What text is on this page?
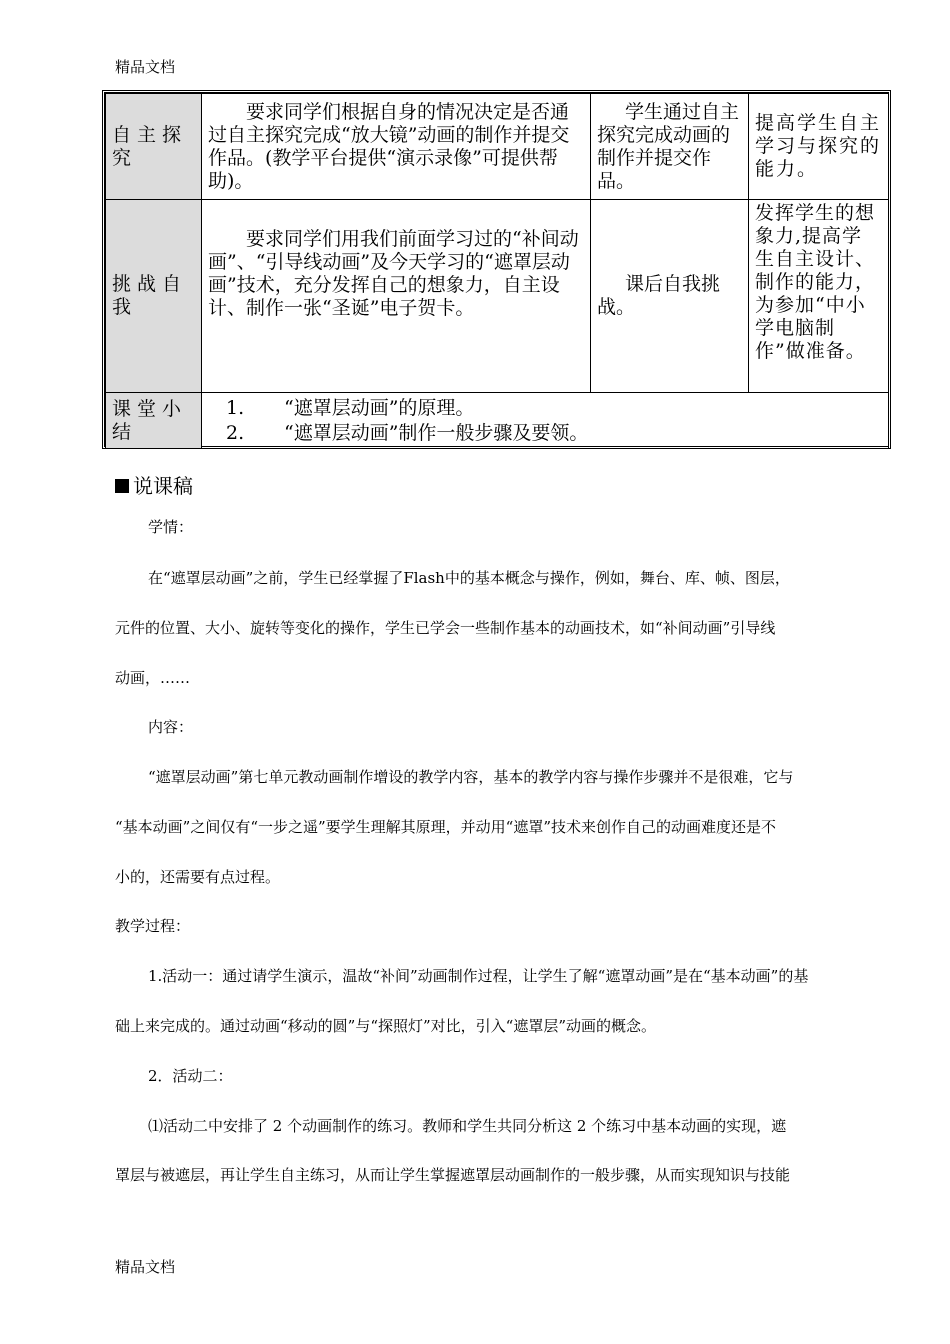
精品文档
自主探究	要求同学们根据自身的情况决定是否通过自主探究完成“放大镜”动画的制作并提交作品。(教学平台提供“演示录像”可提供帮助)。	学生通过自主探究完成动画的制作并提交作品。	提高学生自主学习与探究的能力。
挑战自我	要求同学们用我们前面学习过的“补间动画”、“引导线动画”及今天学习的“遮罩层动画”技术，充分发挥自己的想象力，自主设计、制作一张“圣诞”电子贺卡。	课后自我挑战。	发挥学生的想象力,提高学生自主设计、制作的能力，为参加“中小学电脑制作”做准备。
课堂小结	1. “遮罩层动画”的原理。
2. “遮罩层动画”制作一般步骤及要领。		
说课稿
学情：
在“遮罩层动画”之前，学生已经掌握了Flash中的基本概念与操作，例如，舞台、库、帧、图层，
元件的位置、大小、旋转等变化的操作，学生已学会一些制作基本的动画技术，如“补间动画”引导线
动画，……
内容：
“遮罩层动画”第七单元教动画制作增设的教学内容，基本的教学内容与操作步骤并不是很难，它与
“基本动画”之间仅有“一步之遥”要学生理解其原理，并动用“遮罩”技术来创作自己的动画难度还是不
小的，还需要有点过程。
教学过程：
1.活动一：通过请学生演示，温故“补间”动画制作过程，让学生了解“遮罩动画”是在“基本动画”的基
础上来完成的。通过动画“移动的圆”与“探照灯”对比，引入“遮罩层”动画的概念。
2．活动二：
⑴活动二中安排了 2 个动画制作的练习。教师和学生共同分析这 2 个练习中基本动画的实现，遮
罩层与被遮层，再让学生自主练习，从而让学生掌握遮罩层动画制作的一般步骤，从而实现知识与技能
精品文档
